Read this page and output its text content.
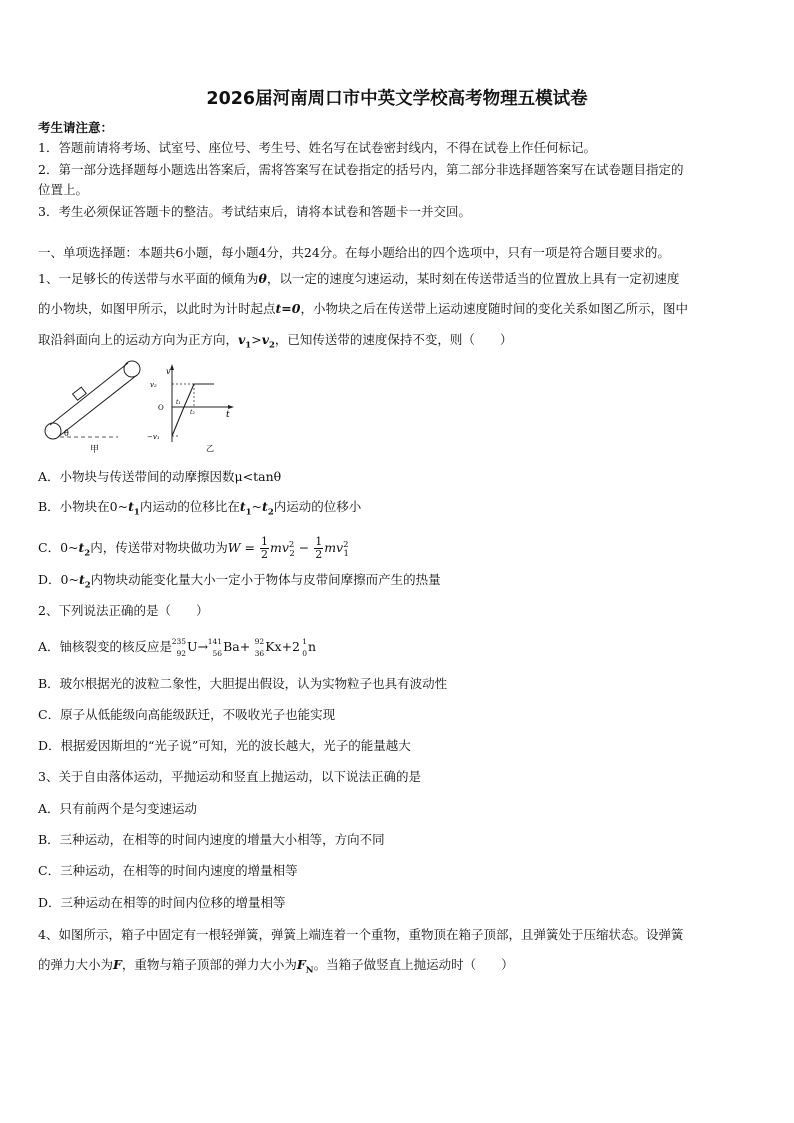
2026届河南周口市中英文学校高考物理五模试卷
考生请注意：
1．答题前请将考场、试室号、座位号、考生号、姓名写在试卷密封线内，不得在试卷上作任何标记。
2．第一部分选择题每小题选出答案后，需将答案写在试卷指定的括号内，第二部分非选择题答案写在试卷题目指定的
位置上。
3．考生必须保证答题卡的整洁。考试结束后，请将本试卷和答题卡一并交回。
一、单项选择题：本题共6小题，每小题4分，共24分。在每小题给出的四个选项中，只有一项是符合题目要求的。
1、一足够长的传送带与水平面的倾角为θ，以一定的速度匀速运动，某时刻在传送带适当的位置放上具有一定初速度
的小物块，如图甲所示，以此时为计时起点t=0，小物块之后在传送带上运动速度随时间的变化关系如图乙所示，图中
取沿斜面向上的运动方向为正方向，$v_1>v_2$，已知传送带的速度保持不变，则（　　）
θ
甲
v
t
v₂
O
−v₁
t₁
t₂
乙
A．小物块与传送带间的动摩擦因数μ<tanθ
B．小物块在$0\sim t_1$内运动的位移比在$t_1\sim t_2$内运动的位移小
C．$0\sim t_2$内，传送带对物块做功为$W = \frac{1}{2} mv^2_2 - \frac{1}{2} mv^2_1$
D．$0\sim t_2$内物块动能变化量大小一定小于物体与皮带间摩擦而产生的热量
2、下列说法正确的是（　　）
A．铀核裂变的核反应是 235
92 U→ 141
56 Ba+ 92
36 Kx+2 1
0 n
B．玻尔根据光的波粒二象性，大胆提出假设，认为实物粒子也具有波动性
C．原子从低能级向高能级跃迁，不吸收光子也能实现
D．根据爱因斯坦的“光子说”可知，光的波长越大，光子的能量越大
3、关于自由落体运动，平抛运动和竖直上抛运动，以下说法正确的是
A．只有前两个是匀变速运动
B．三种运动，在相等的时间内速度的增量大小相等，方向不同
C．三种运动，在相等的时间内速度的增量相等
D．三种运动在相等的时间内位移的增量相等
4、如图所示，箱子中固定有一根轻弹簧，弹簧上端连着一个重物，重物顶在箱子顶部，且弹簧处于压缩状态。设弹簧
的弹力大小为F，重物与箱子顶部的弹力大小为$F_N$。当箱子做竖直上抛运动时（　　）
